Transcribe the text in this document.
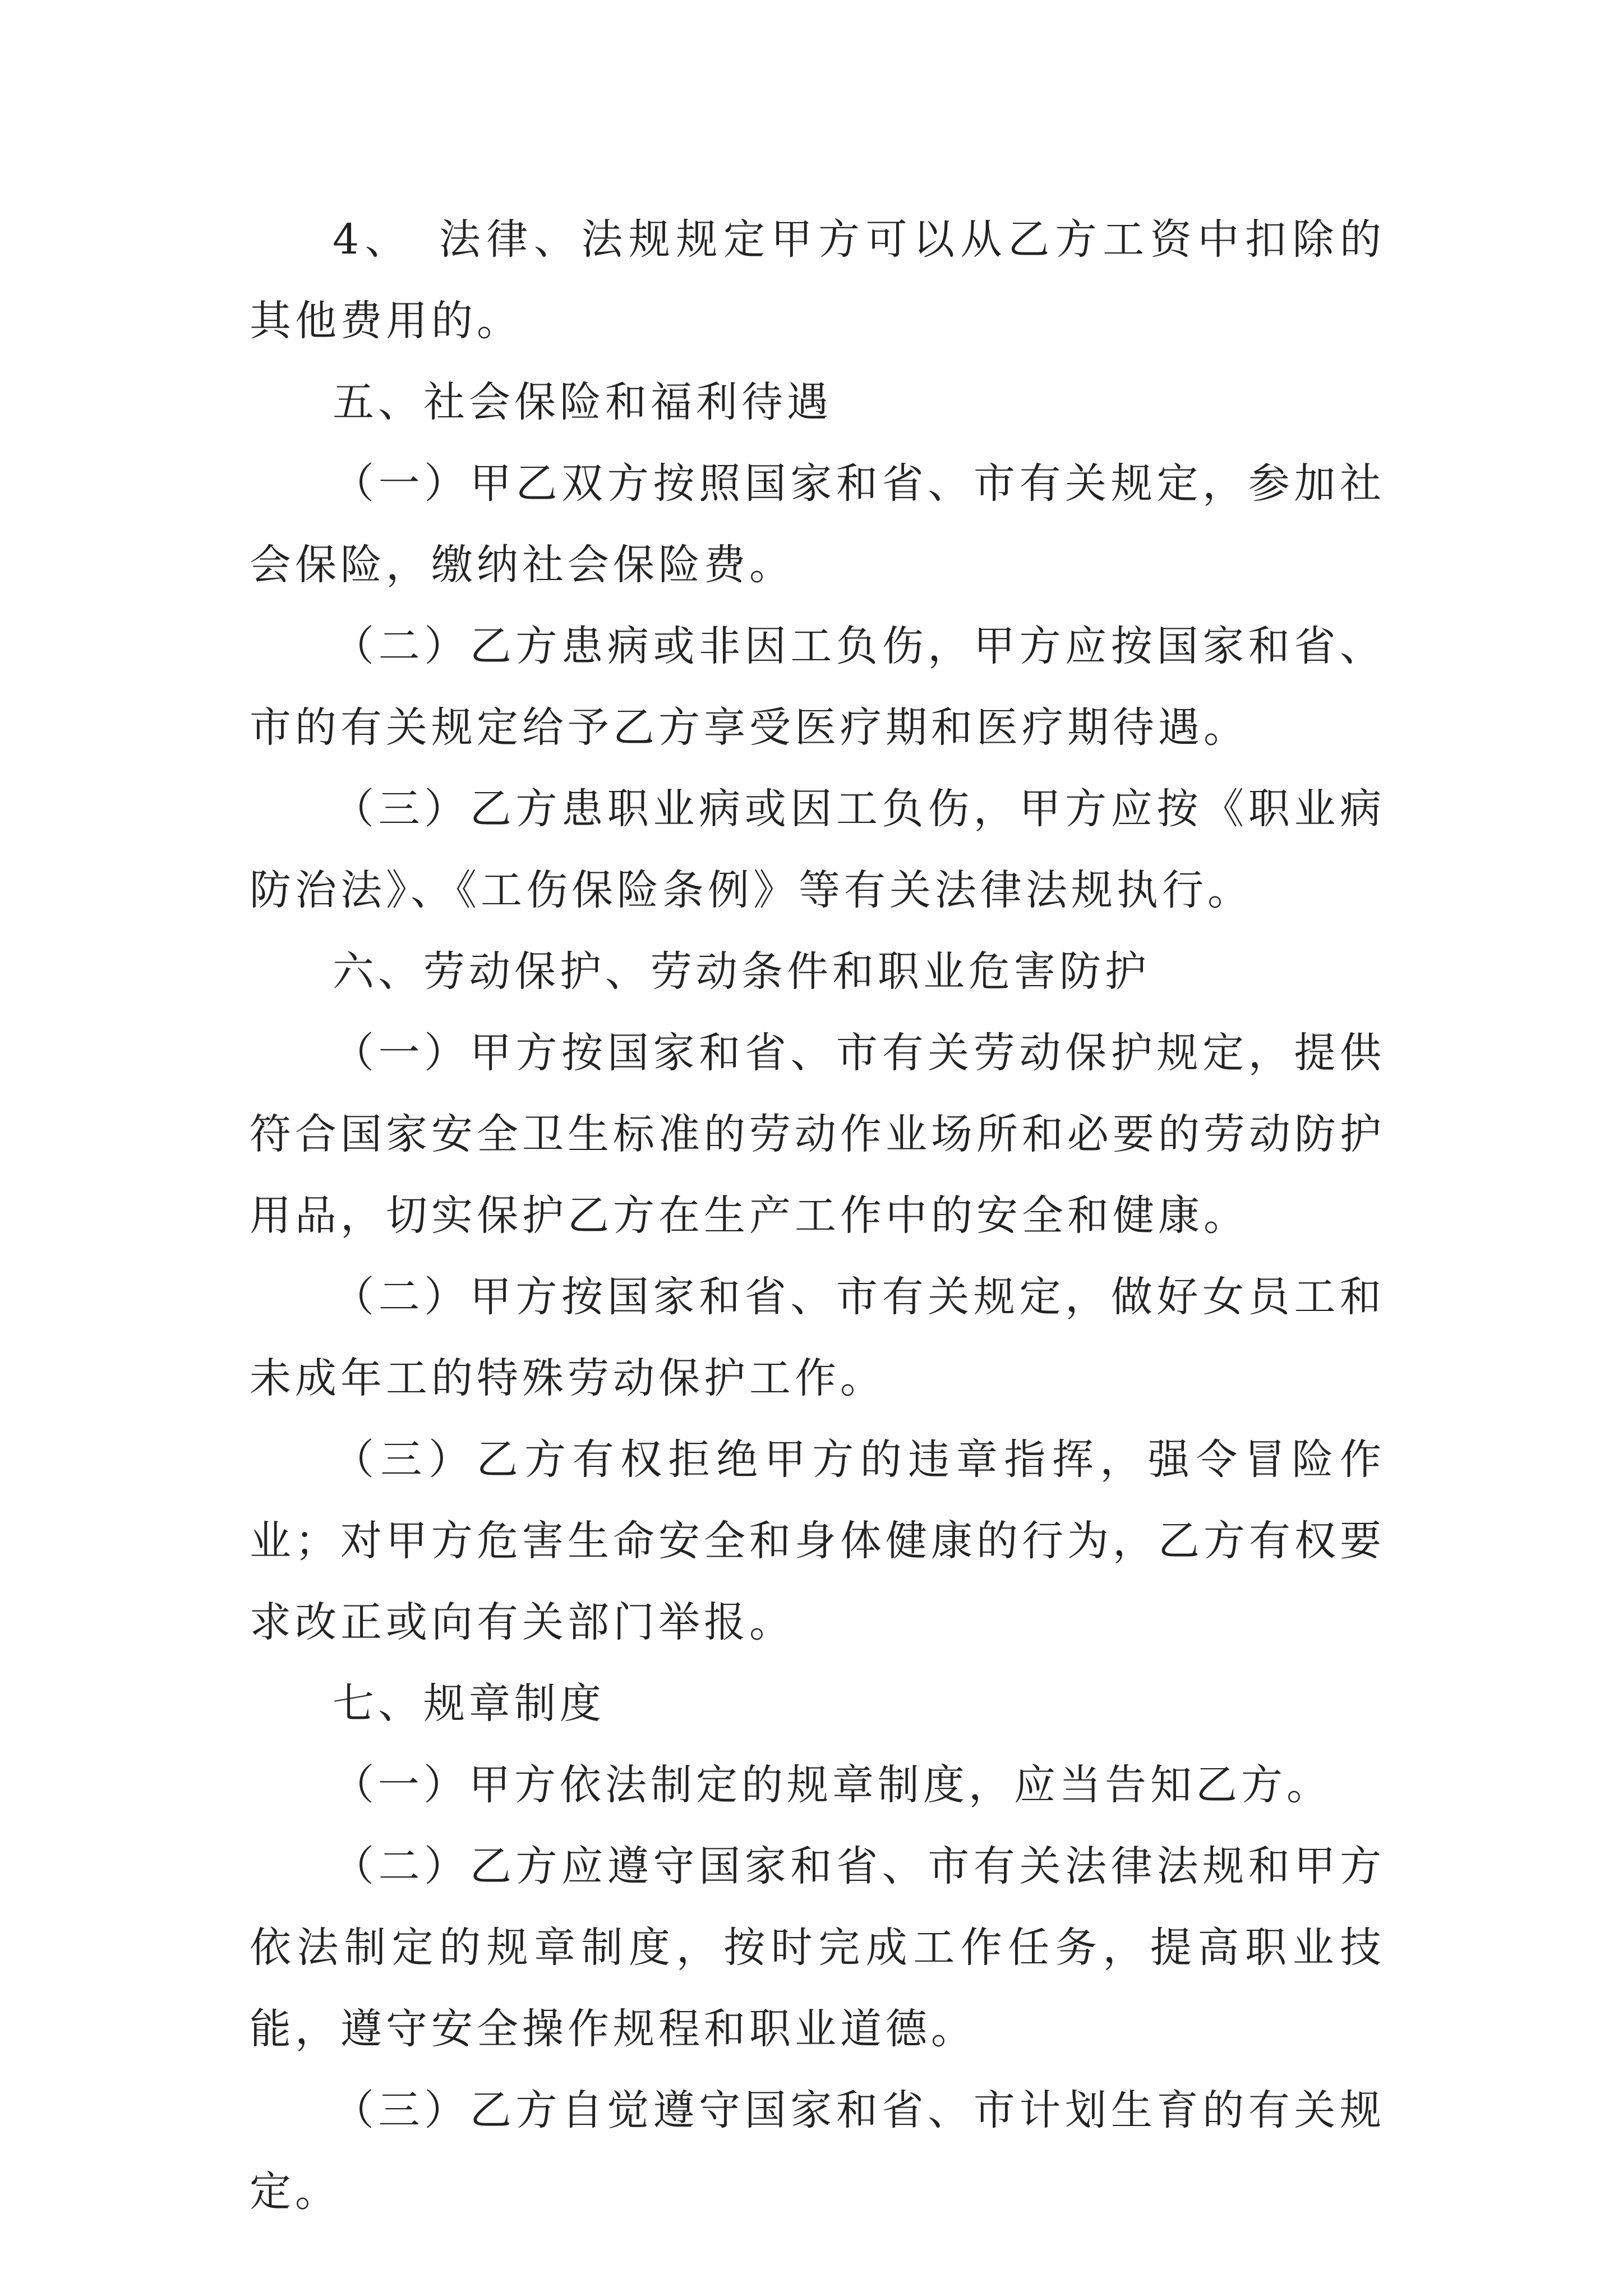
4、　法律、法规规定甲方可以从乙方工资中扣除的其他费用的。

五、社会保险和福利待遇

（一）甲乙双方按照国家和省、市有关规定，参加社会保险，缴纳社会保险费。

（二）乙方患病或非因工负伤，甲方应按国家和省、市的有关规定给予乙方享受医疗期和医疗期待遇。

（三）乙方患职业病或因工负伤，甲方应按《职业病防治法》、《工伤保险条例》等有关法律法规执行。

六、劳动保护、劳动条件和职业危害防护

（一）甲方按国家和省、市有关劳动保护规定，提供符合国家安全卫生标准的劳动作业场所和必要的劳动防护用品，切实保护乙方在生产工作中的安全和健康。

（二）甲方按国家和省、市有关规定，做好女员工和未成年工的特殊劳动保护工作。

（三）乙方有权拒绝甲方的违章指挥，强令冒险作业；对甲方危害生命安全和身体健康的行为，乙方有权要求改正或向有关部门举报。

七、规章制度

（一）甲方依法制定的规章制度，应当告知乙方。

（二）乙方应遵守国家和省、市有关法律法规和甲方依法制定的规章制度，按时完成工作任务，提高职业技能，遵守安全操作规程和职业道德。

（三）乙方自觉遵守国家和省、市计划生育的有关规定。
